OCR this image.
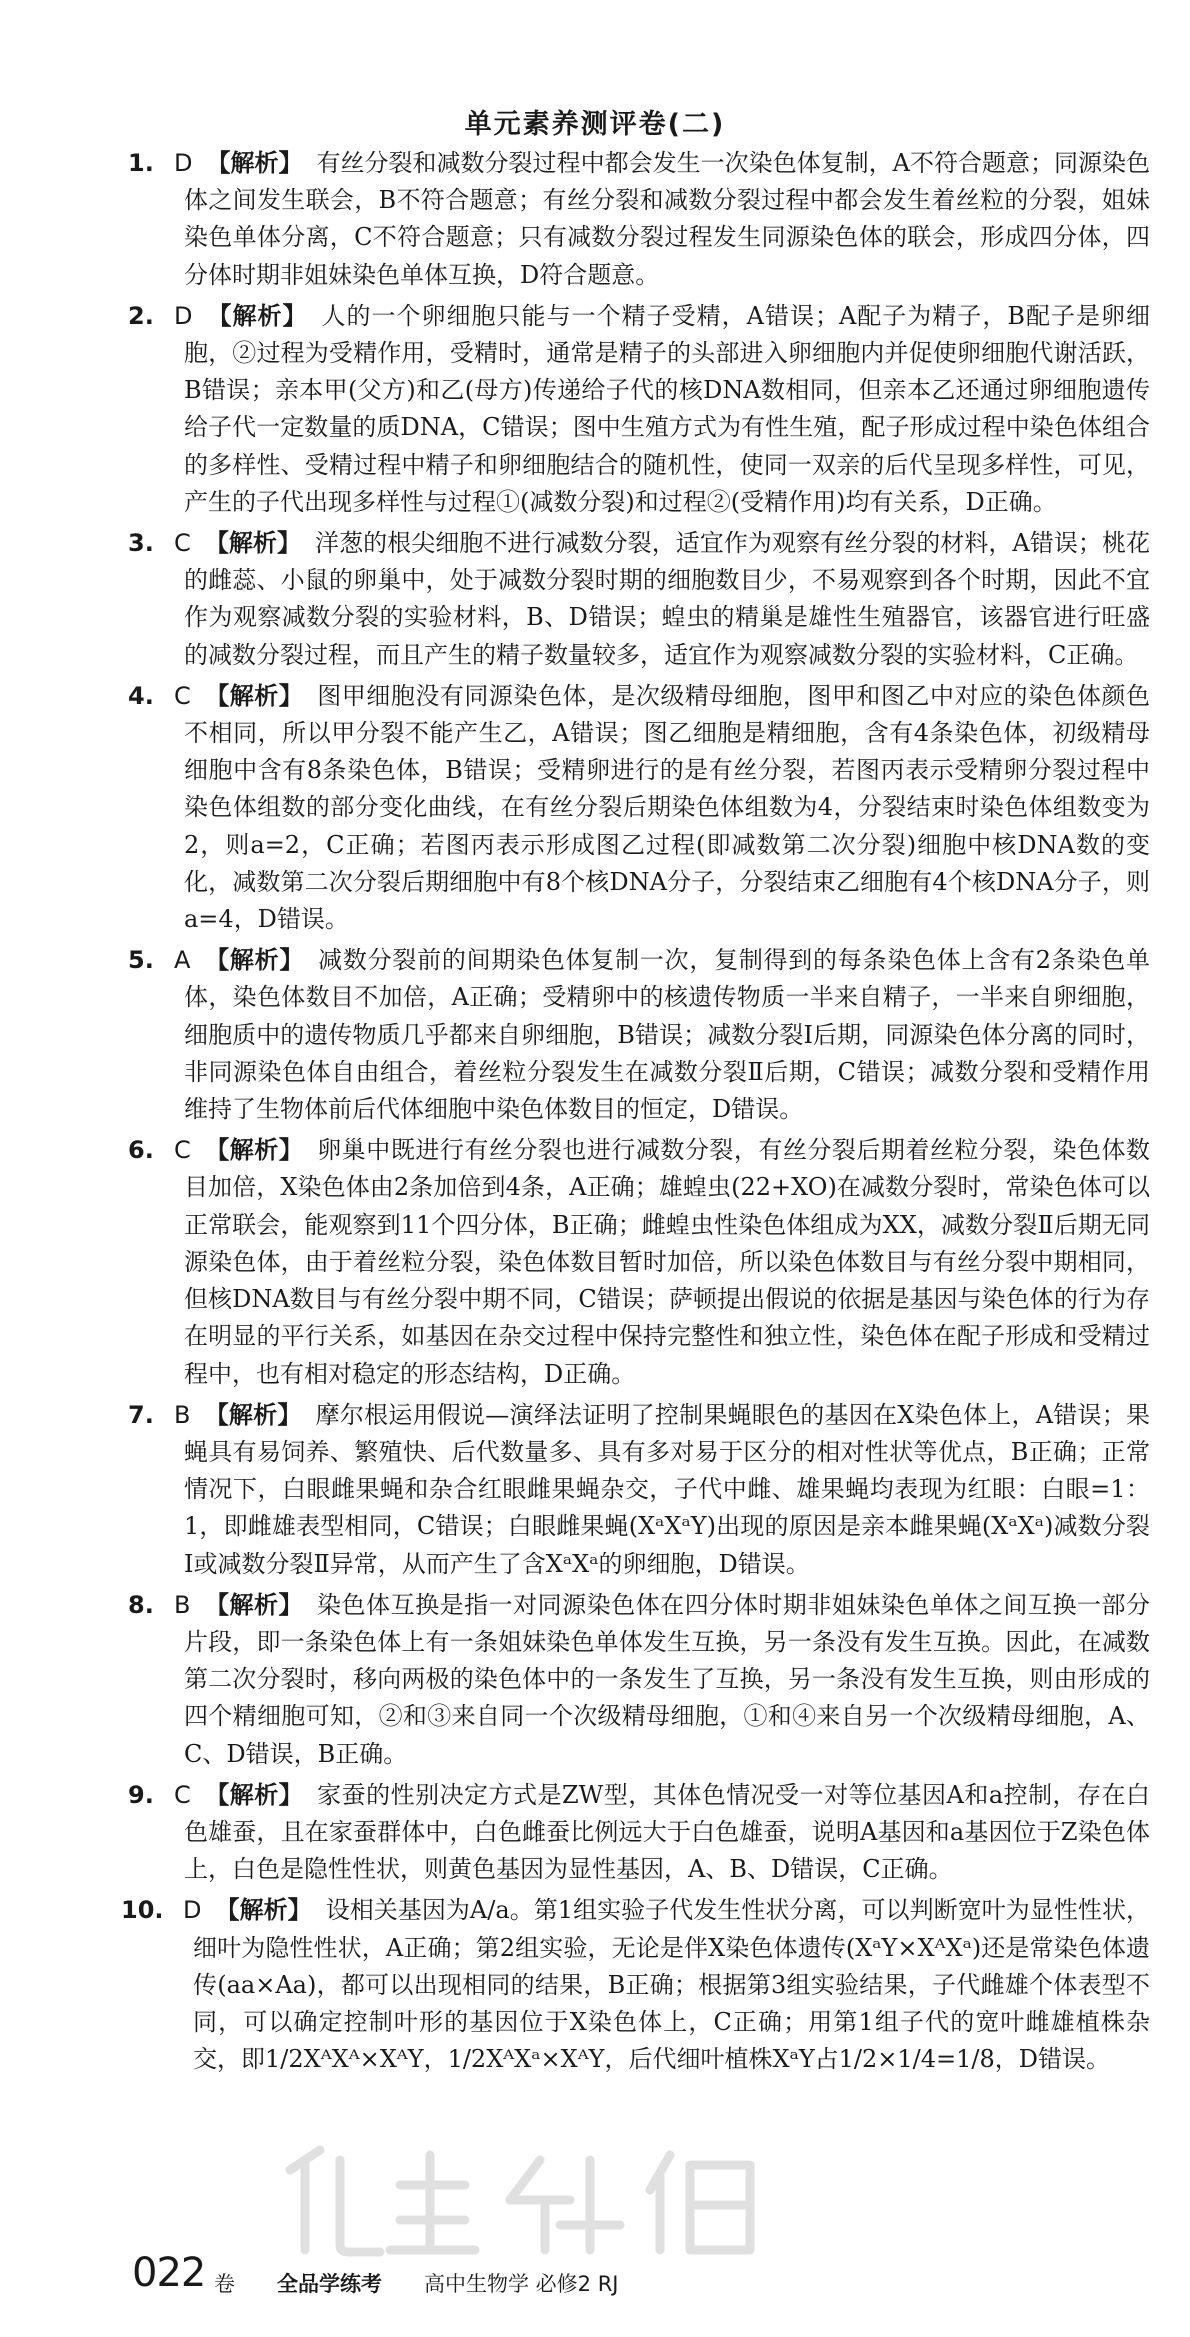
单元素养测评卷(二)
1. D 【解析】 有丝分裂和减数分裂过程中都会发生一次染色体复制，A不符合题意；同源染色体之间发生联会，B不符合题意；有丝分裂和减数分裂过程中都会发生着丝粒的分裂，姐妹染色单体分离，C不符合题意；只有减数分裂过程发生同源染色体的联会，形成四分体，四分体时期非姐妹染色单体互换，D符合题意。

2. D 【解析】 人的一个卵细胞只能与一个精子受精，A错误；A配子为精子，B配子是卵细胞，②过程为受精作用，受精时，通常是精子的头部进入卵细胞内并促使卵细胞代谢活跃，B错误；亲本甲(父方)和乙(母方)传递给子代的核DNA数相同，但亲本乙还通过卵细胞遗传给子代一定数量的质DNA，C错误；图中生殖方式为有性生殖，配子形成过程中染色体组合的多样性、受精过程中精子和卵细胞结合的随机性，使同一双亲的后代呈现多样性，可见，产生的子代出现多样性与过程①(减数分裂)和过程②(受精作用)均有关系，D正确。

3. C 【解析】 洋葱的根尖细胞不进行减数分裂，适宜作为观察有丝分裂的材料，A错误；桃花的雌蕊、小鼠的卵巢中，处于减数分裂时期的细胞数目少，不易观察到各个时期，因此不宜作为观察减数分裂的实验材料，B、D错误；蝗虫的精巢是雄性生殖器官，该器官进行旺盛的减数分裂过程，而且产生的精子数量较多，适宜作为观察减数分裂的实验材料，C正确。

4. C 【解析】 图甲细胞没有同源染色体，是次级精母细胞，图甲和图乙中对应的染色体颜色不相同，所以甲分裂不能产生乙，A错误；图乙细胞是精细胞，含有4条染色体，初级精母细胞中含有8条染色体，B错误；受精卵进行的是有丝分裂，若图丙表示受精卵分裂过程中染色体组数的部分变化曲线，在有丝分裂后期染色体组数为4，分裂结束时染色体组数变为2，则a=2，C正确；若图丙表示形成图乙过程(即减数第二次分裂)细胞中核DNA数的变化，减数第二次分裂后期细胞中有8个核DNA分子，分裂结束乙细胞有4个核DNA分子，则a=4，D错误。

5. A 【解析】 减数分裂前的间期染色体复制一次，复制得到的每条染色体上含有2条染色单体，染色体数目不加倍，A正确；受精卵中的核遗传物质一半来自精子，一半来自卵细胞，细胞质中的遗传物质几乎都来自卵细胞，B错误；减数分裂Ⅰ后期，同源染色体分离的同时，非同源染色体自由组合，着丝粒分裂发生在减数分裂Ⅱ后期，C错误；减数分裂和受精作用维持了生物体前后代体细胞中染色体数目的恒定，D错误。

6. C 【解析】 卵巢中既进行有丝分裂也进行减数分裂，有丝分裂后期着丝粒分裂，染色体数目加倍，X染色体由2条加倍到4条，A正确；雄蝗虫(22+XO)在减数分裂时，常染色体可以正常联会，能观察到11个四分体，B正确；雌蝗虫性染色体组成为XX，减数分裂Ⅱ后期无同源染色体，由于着丝粒分裂，染色体数目暂时加倍，所以染色体数目与有丝分裂中期相同，但核DNA数目与有丝分裂中期不同，C错误；萨顿提出假说的依据是基因与染色体的行为存在明显的平行关系，如基因在杂交过程中保持完整性和独立性，染色体在配子形成和受精过程中，也有相对稳定的形态结构，D正确。

7. B 【解析】 摩尔根运用假说—演绎法证明了控制果蝇眼色的基因在X染色体上，A错误；果蝇具有易饲养、繁殖快、后代数量多、具有多对易于区分的相对性状等优点，B正确；正常情况下，白眼雌果蝇和杂合红眼雌果蝇杂交，子代中雌、雄果蝇均表现为红眼：白眼=1：1，即雌雄表型相同，C错误；白眼雌果蝇(XᵃXᵃY)出现的原因是亲本雌果蝇(XᵃXᵃ)减数分裂Ⅰ或减数分裂Ⅱ异常，从而产生了含XᵃXᵃ的卵细胞，D错误。

8. B 【解析】 染色体互换是指一对同源染色体在四分体时期非姐妹染色单体之间互换一部分片段，即一条染色体上有一条姐妹染色单体发生互换，另一条没有发生互换。因此，在减数第二次分裂时，移向两极的染色体中的一条发生了互换，另一条没有发生互换，则由形成的四个精细胞可知，②和③来自同一个次级精母细胞，①和④来自另一个次级精母细胞，A、C、D错误，B正确。

9. C 【解析】 家蚕的性别决定方式是ZW型，其体色情况受一对等位基因A和a控制，存在白色雄蚕，且在家蚕群体中，白色雌蚕比例远大于白色雄蚕，说明A基因和a基因位于Z染色体上，白色是隐性性状，则黄色基因为显性基因，A、B、D错误，C正确。

10. D 【解析】 设相关基因为A/a。第1组实验子代发生性状分离，可以判断宽叶为显性性状，细叶为隐性性状，A正确；第2组实验，无论是伴X染色体遗传(XᵃY×XᴬXᵃ)还是常染色体遗传(aa×Aa)，都可以出现相同的结果，B正确；根据第3组实验结果，子代雌雄个体表型不同，可以确定控制叶形的基因位于X染色体上，C正确；用第1组子代的宽叶雌雄植株杂交，即1/2XᴬXᴬ×XᴬY，1/2XᴬXᵃ×XᴬY，后代细叶植株XᵃY占1/2×1/4=1/8，D错误。

022 卷 全品学练考 高中生物学 必修2 RJ
